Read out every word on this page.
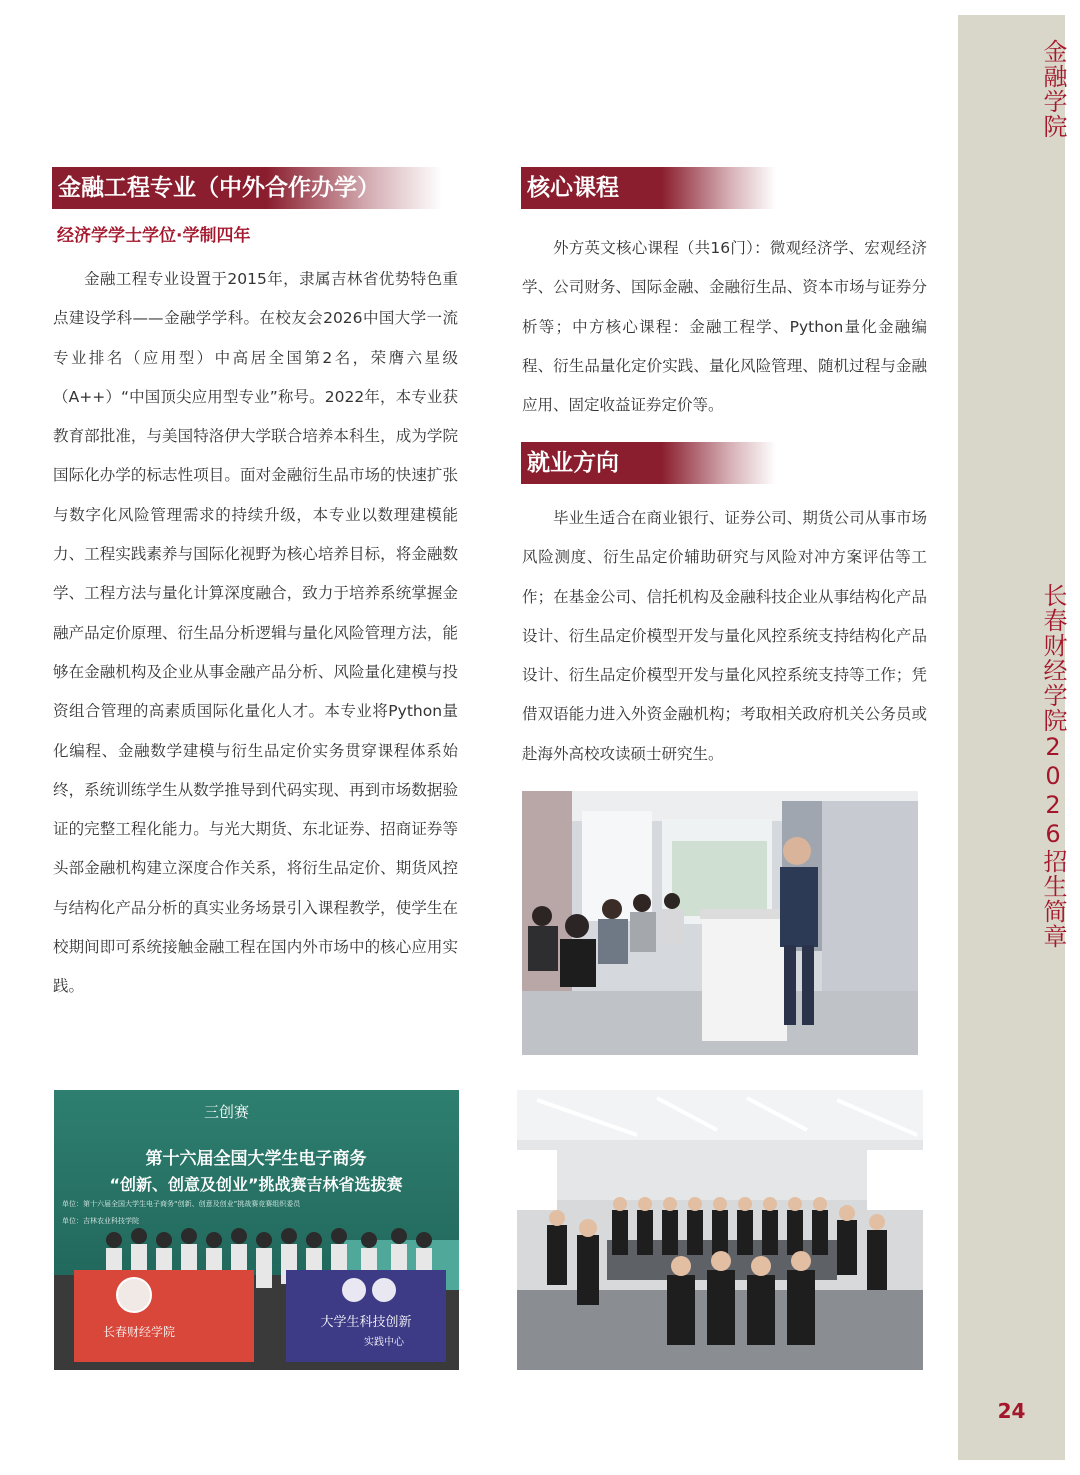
金融学院
长春财经学院2026招生简章
24
金融工程专业（中外合作办学）
经济学学士学位·学制四年

金融工程专业设置于2015年，隶属吉林省优势特色重点建设学科——金融学学科。在校友会2026中国大学一流专业排名（应用型）中高居全国第2名，荣膺六星级（A++）“中国顶尖应用型专业”称号。2022年，本专业获教育部批准，与美国特洛伊大学联合培养本科生，成为学院国际化办学的标志性项目。面对金融衍生品市场的快速扩张与数字化风险管理需求的持续升级，本专业以数理建模能力、工程实践素养与国际化视野为核心培养目标，将金融数学、工程方法与量化计算深度融合，致力于培养系统掌握金融产品定价原理、衍生品分析逻辑与量化风险管理方法，能够在金融机构及企业从事金融产品分析、风险量化建模与投资组合管理的高素质国际化量化人才。本专业将Python量化编程、金融数学建模与衍生品定价实务贯穿课程体系始终，系统训练学生从数学推导到代码实现、再到市场数据验证的完整工程化能力。与光大期货、东北证券、招商证券等头部金融机构建立深度合作关系，将衍生品定价、期货风控与结构化产品分析的真实业务场景引入课程教学，使学生在校期间即可系统接触金融工程在国内外市场中的核心应用实践。

核心课程

外方英文核心课程（共16门）：微观经济学、宏观经济学、公司财务、国际金融、金融衍生品、资本市场与证券分析等；中方核心课程：金融工程学、Python量化金融编程、衍生品量化定价实践、量化风险管理、随机过程与金融应用、固定收益证券定价等。

就业方向

毕业生适合在商业银行、证券公司、期货公司从事市场风险测度、衍生品定价辅助研究与风险对冲方案评估等工作；在基金公司、信托机构及金融科技企业从事结构化产品设计、衍生品定价模型开发与量化风控系统支持结构化产品设计、衍生品定价模型开发与量化风控系统支持等工作；凭借双语能力进入外资金融机构；考取相关政府机关公务员或赴海外高校攻读硕士研究生。

三创赛
第十六届全国大学生电子商务
“创新、创意及创业”挑战赛吉林省选拔赛
单位：第十六届全国大学生电子商务“创新、创意及创业”挑战赛竞赛组织委员
单位：吉林农业科技学院
长春财经学院
大学生科技创新
实践中心
